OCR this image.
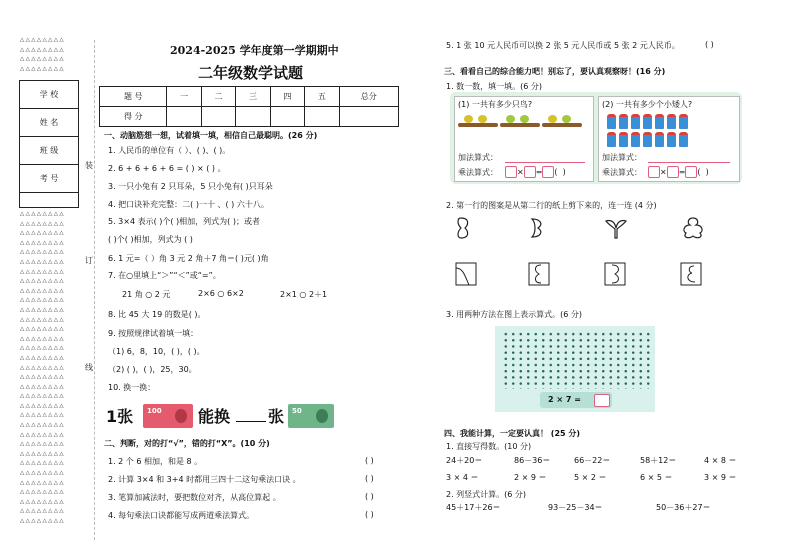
△△△△△△△△
△△△△△△△△
△△△△△△△△
△△△△△△△△
学 校
姓 名
班 级
考 号

△△△△△△△△
△△△△△△△△
△△△△△△△△
△△△△△△△△
△△△△△△△△
△△△△△△△△
△△△△△△△△
△△△△△△△△
△△△△△△△△
△△△△△△△△
△△△△△△△△
△△△△△△△△
△△△△△△△△
△△△△△△△△
△△△△△△△△
△△△△△△△△
△△△△△△△△
△△△△△△△△
△△△△△△△△
△△△△△△△△
△△△△△△△△
△△△△△△△△
△△△△△△△△
△△△△△△△△
△△△△△△△△
△△△△△△△△
△△△△△△△△
△△△△△△△△
△△△△△△△△
△△△△△△△△
△△△△△△△△
△△△△△△△△
△△△△△△△△
装
订
线
2024-2025 学年度第一学期期中
二年级数学试题
题 号	一	二	三	四	五	总分
得 分						
一、动脑筋想一想，试着填一填，相信自己最聪明。(26 分)
1. 人民币的单位有（ ）、( )、( )。
2. 6 + 6 + 6 + 6 = ( ) × ( ) 。
3. 一只小兔有 2 只耳朵，5 只小兔有( )只耳朵
4. 把口诀补充完整：二( )一十 、( ) 六十八。
5. 3×4 表示( )个( )相加，列式为( )；或者
( )个( )相加，列式为 ( )
6. 1 元=（ ）角 3 元 2 角＋7 角＝( )元( )角
7. 在○里填上“＞”“＜”或“=”。
21 角 ○ 2 元	2×6 ○ 6×2	2×1 ○ 2＋1
8. 比 45 大 19 的数是( )。
9. 按照规律试着填一填：
（1) 6，8，10，( )，( )。
（2) ( )，( )，25，30。
10. 换一换：
1张 100 能换 张 50
二、判断，对的打“√”，错的打“X”。(10 分)
1. 2 个 6 相加，和是 8 。	( )
2. 计算 3×4 和 3+4 时都用三四十二这句乘法口诀 。	( )
3. 笔算加减法时，要把数位对齐，从高位算起 。	( )
4. 每句乘法口诀都能写成两道乘法算式。	( )
5. 1 张 10 元人民币可以换 2 张 5 元人民币或 5 张 2 元人民币。	( )
三、看看自己的综合能力吧！别忘了，要认真观察呀！(16 分)
1. 数一数，填一填。(6 分)
(1) 一共有多少只鸟?
加法算式：
乘法算式：	× = (  )
(2) 一共有多少个小矮人?
加法算式：
乘法算式：	× = (  )
2. 第一行的图案是从第二行的纸上剪下来的，连一连 (4 分)
3. 用两种方法在图上表示算式。(6 分)
2 × 7 =
四、我能计算，一定要认真！ (25 分)
1. 直接写得数。(10 分)
24＋20＝	86－36＝	66－22＝	58＋12＝	4 × 8 ＝
3 × 4 ＝	2 × 9 ＝	5 × 2 ＝	6 × 5 ＝	3 × 9 ＝
2. 列竖式计算。(6 分)
45＋17＋26＝	93－25－34＝	50－36＋27＝
